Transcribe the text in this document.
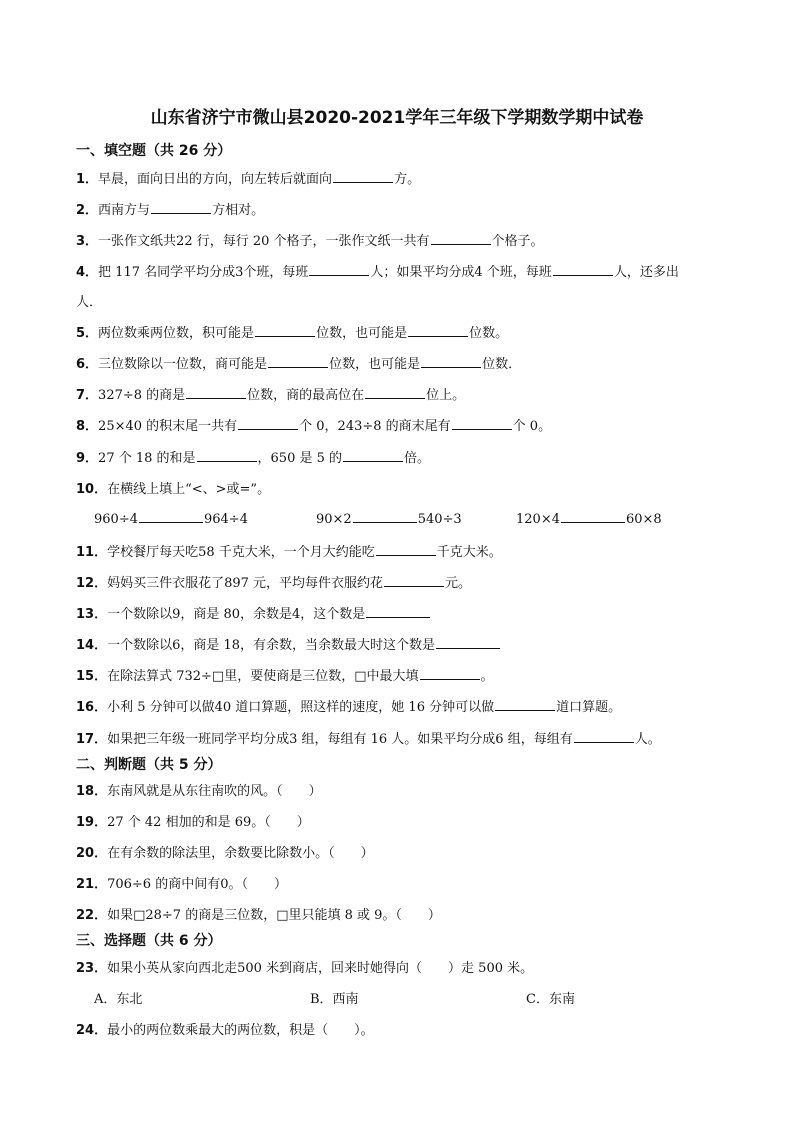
山东省济宁市微山县2020-2021学年三年级下学期数学期中试卷
一、填空题（共 26 分）
1．早晨，面向日出的方向，向左转后就面向	方。
2．西南方与	方相对。
3．一张作文纸共22 行，每行 20 个格子，一张作文纸一共有	个格子。
4．把 117 名同学平均分成3个班，每班	人；如果平均分成4 个班，每班	人，还多出
人．
5．两位数乘两位数，积可能是	位数，也可能是	位数。
6．三位数除以一位数，商可能是	位数，也可能是	位数．
7．327÷8 的商是	位数，商的最高位在	位上。
8．25×40 的积末尾一共有	个 0，243÷8 的商末尾有	个 0。
9．27 个 18 的和是	，650 是 5 的	倍。
10．在横线上填上“<、>或=”。
960÷4	964÷4	90×2	540÷3	120×4	60×8
11．学校餐厅每天吃58 千克大米，一个月大约能吃	千克大米。
12．妈妈买三件衣服花了897 元，平均每件衣服约花	元。
13．一个数除以9，商是 80，余数是4，这个数是
14．一个数除以6，商是 18，有余数，当余数最大时这个数是
15．在除法算式 732÷□里，要使商是三位数，□中最大填	。
16．小利 5 分钟可以做40 道口算题，照这样的速度，她 16 分钟可以做	道口算题。
17．如果把三年级一班同学平均分成3 组，每组有 16 人。如果平均分成6 组，每组有	人。
二、判断题（共 5 分）
18．东南风就是从东往南吹的风。（　　）
19．27 个 42 相加的和是 69。（　　）
20．在有余数的除法里，余数要比除数小。（　　）
21．706÷6 的商中间有0。（　　）
22．如果□28÷7 的商是三位数，□里只能填 8 或 9。（　　）
三、选择题（共 6 分）
23．如果小英从家向西北走500 米到商店，回来时她得向（　　）走 500 米。
A．东北	B．西南	C．东南
24．最小的两位数乘最大的两位数，积是（　　）。
